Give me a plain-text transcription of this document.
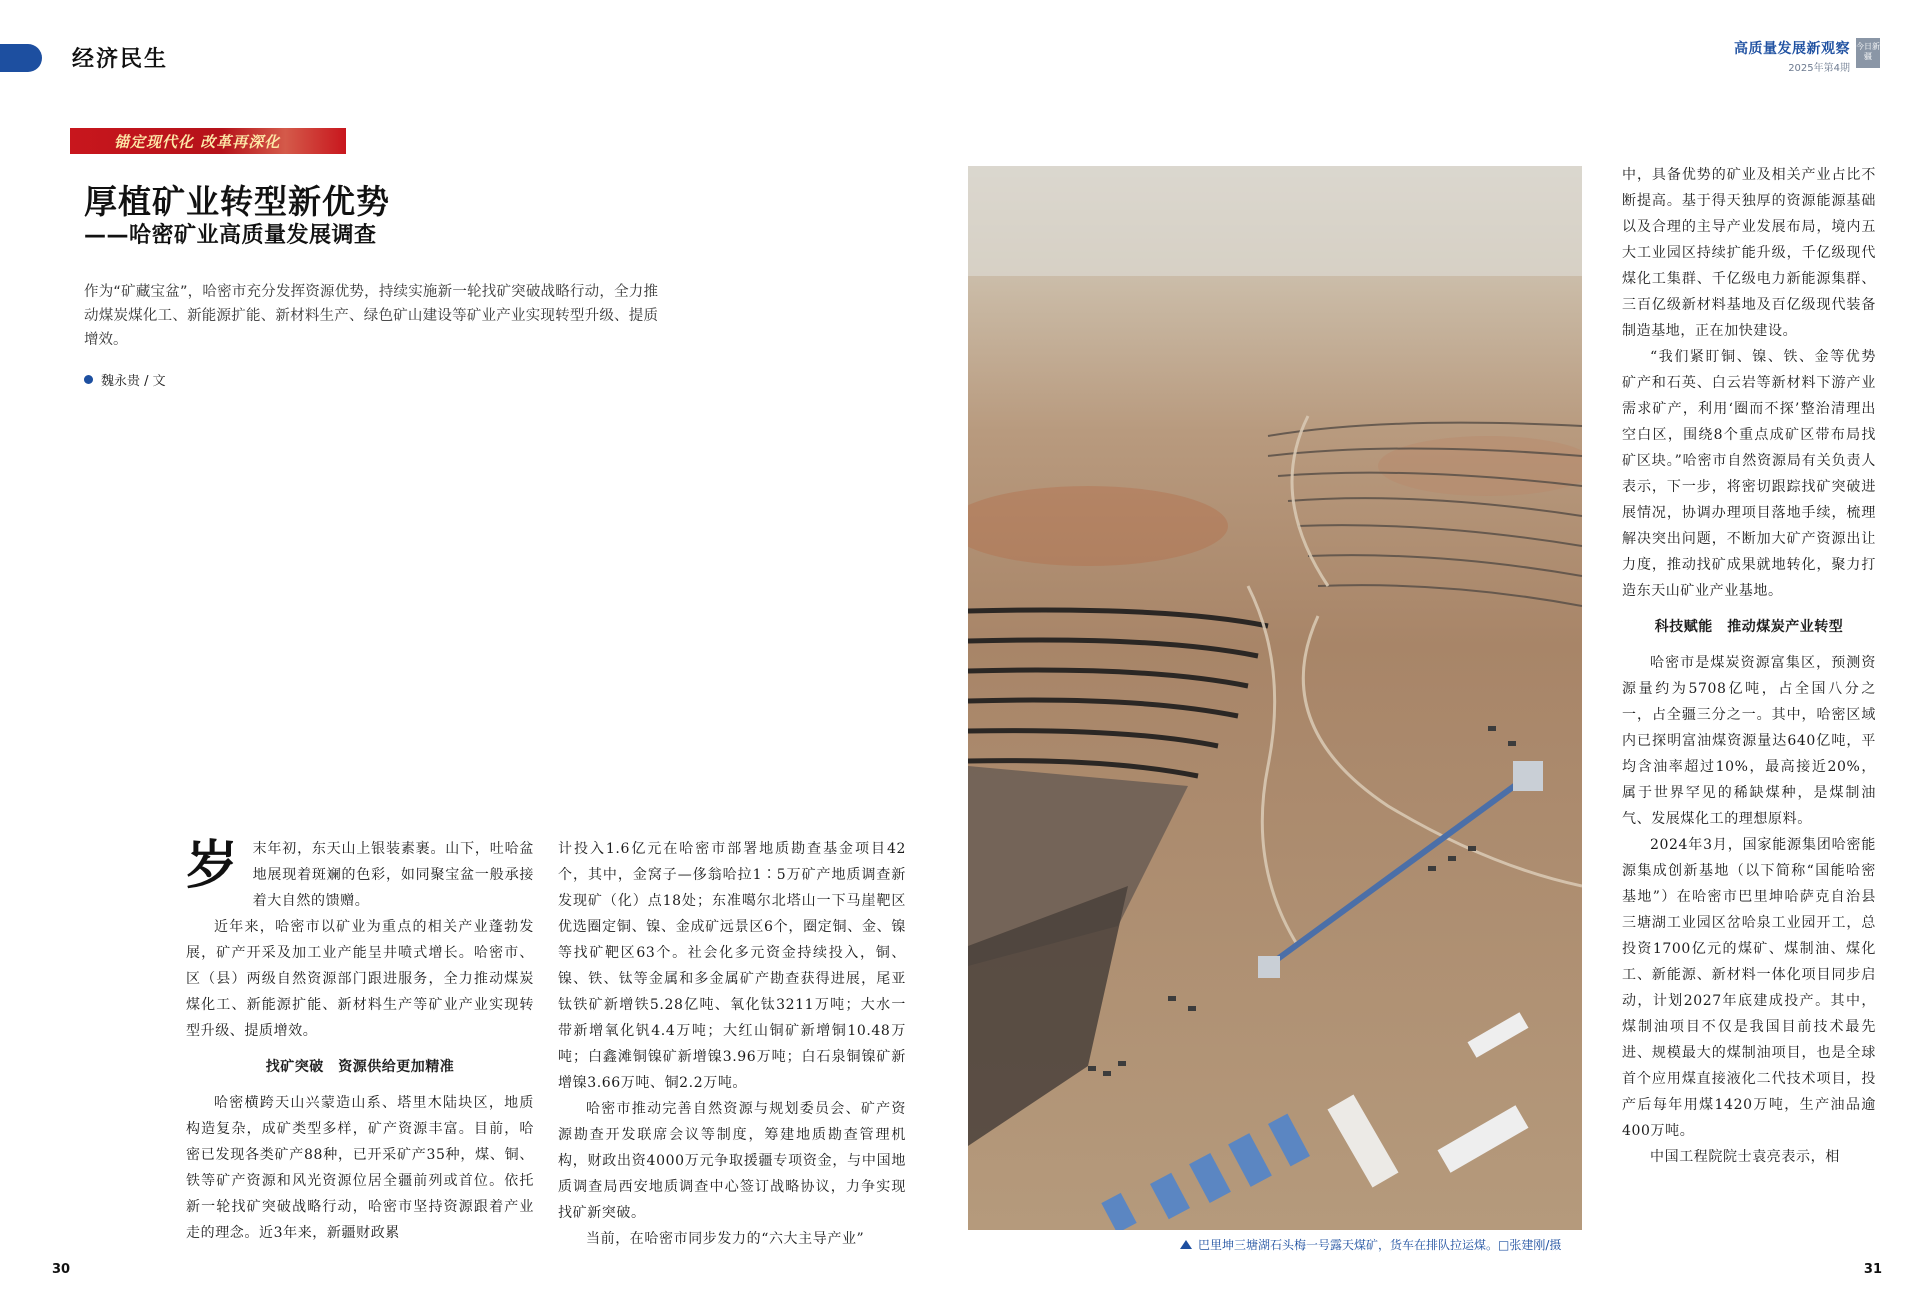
经济民生	高质量发展新观察
2025年第4期
今日新疆
锚定现代化 改革再深化
厚植矿业转型新优势
——哈密矿业高质量发展调查

作为“矿藏宝盆”，哈密市充分发挥资源优势，持续实施新一轮找矿突破战略行动，全力推动煤炭煤化工、新能源扩能、新材料生产、绿色矿山建设等矿业产业实现转型升级、提质增效。

魏永贵 / 文

岁 末年初，东天山上银装素裹。山下，吐哈盆地展现着斑斓的色彩，如同聚宝盆一般承接着大自然的馈赠。

近年来，哈密市以矿业为重点的相关产业蓬勃发展，矿产开采及加工业产能呈井喷式增长。哈密市、区（县）两级自然资源部门跟进服务，全力推动煤炭煤化工、新能源扩能、新材料生产等矿业产业实现转型升级、提质增效。

找矿突破　资源供给更加精准

哈密横跨天山兴蒙造山系、塔里木陆块区，地质构造复杂，成矿类型多样，矿产资源丰富。目前，哈密已发现各类矿产88种，已开采矿产35种，煤、铜、铁等矿产资源和风光资源位居全疆前列或首位。依托新一轮找矿突破战略行动，哈密市坚持资源跟着产业走的理念。近3年来，新疆财政累

计投入1.6亿元在哈密市部署地质勘查基金项目42个，其中，金窝子—侈翁哈拉1∶5万矿产地质调查新发现矿（化）点18处；东准噶尔北塔山一下马崖靶区优选圈定铜、镍、金成矿远景区6个，圈定铜、金、镍等找矿靶区63个。社会化多元资金持续投入，铜、镍、铁、钛等金属和多金属矿产勘查获得进展，尾亚钛铁矿新增铁5.28亿吨、氧化钛3211万吨；大水一带新增氧化钒4.4万吨；大红山铜矿新增铜10.48万吨；白鑫滩铜镍矿新增镍3.96万吨；白石泉铜镍矿新增镍3.66万吨、铜2.2万吨。

哈密市推动完善自然资源与规划委员会、矿产资源勘查开发联席会议等制度，筹建地质勘查管理机构，财政出资4000万元争取援疆专项资金，与中国地质调查局西安地质调查中心签订战略协议，力争实现找矿新突破。

当前，在哈密市同步发力的“六大主导产业”	巴里坤三塘湖石头梅一号露天煤矿，货车在排队拉运煤。□张建刚/摄

中，具备优势的矿业及相关产业占比不断提高。基于得天独厚的资源能源基础以及合理的主导产业发展布局，境内五大工业园区持续扩能升级，千亿级现代煤化工集群、千亿级电力新能源集群、三百亿级新材料基地及百亿级现代装备制造基地，正在加快建设。

“我们紧盯铜、镍、铁、金等优势矿产和石英、白云岩等新材料下游产业需求矿产，利用‘圈而不探’整治清理出空白区，围绕8个重点成矿区带布局找矿区块。”哈密市自然资源局有关负责人表示，下一步，将密切跟踪找矿突破进展情况，协调办理项目落地手续，梳理解决突出问题，不断加大矿产资源出让力度，推动找矿成果就地转化，聚力打造东天山矿业产业基地。

科技赋能　推动煤炭产业转型

哈密市是煤炭资源富集区，预测资源量约为5708亿吨，占全国八分之一，占全疆三分之一。其中，哈密区域内已探明富油煤资源量达640亿吨，平均含油率超过10%，最高接近20%，属于世界罕见的稀缺煤种，是煤制油气、发展煤化工的理想原料。

2024年3月，国家能源集团哈密能源集成创新基地（以下简称“国能哈密基地”）在哈密市巴里坤哈萨克自治县三塘湖工业园区岔哈泉工业园开工，总投资1700亿元的煤矿、煤制油、煤化工、新能源、新材料一体化项目同步启动，计划2027年底建成投产。其中，煤制油项目不仅是我国目前技术最先进、规模最大的煤制油项目，也是全球首个应用煤直接液化二代技术项目，投产后每年用煤1420万吨，生产油品逾400万吨。

中国工程院院士袁亮表示，相

30	31
